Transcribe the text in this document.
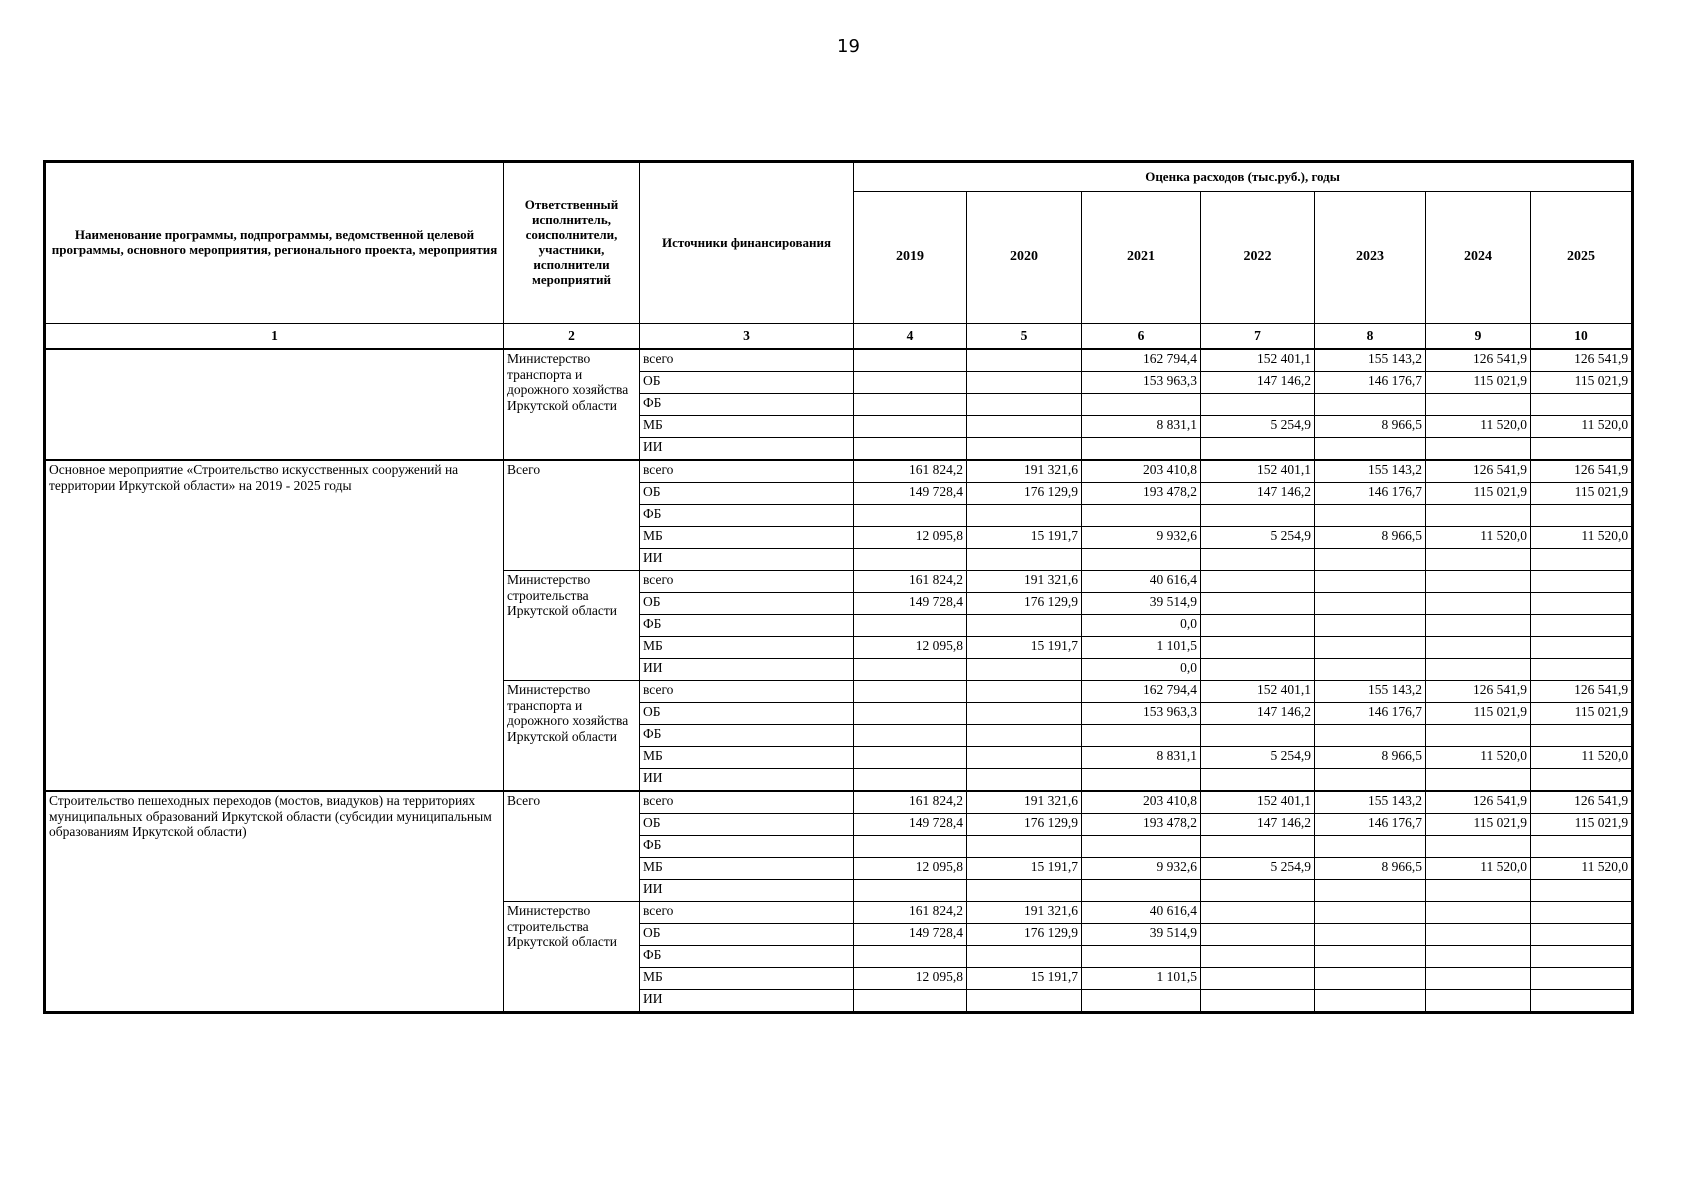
19
Наименование программы, подпрограммы, ведомственной целевой программы, основного мероприятия, регионального проекта, мероприятия	Ответственный исполнитель, соисполнители, участники, исполнители мероприятий	Источники финансирования	Оценка расходов (тыс.руб.), годы						
			2019	2020	2021	2022	2023	2024	2025
1	2	3	4	5	6	7	8	9	10
	Министерство транспорта и дорожного хозяйства Иркутской области	всего			162 794,4	152 401,1	155 143,2	126 541,9	126 541,9
		ОБ			153 963,3	147 146,2	146 176,7	115 021,9	115 021,9
		ФБ							
		МБ			8 831,1	5 254,9	8 966,5	11 520,0	11 520,0
		ИИ							
Основное мероприятие «Строительство искусственных сооружений на территории Иркутской области» на 2019 - 2025 годы	Всего	всего	161 824,2	191 321,6	203 410,8	152 401,1	155 143,2	126 541,9	126 541,9
		ОБ	149 728,4	176 129,9	193 478,2	147 146,2	146 176,7	115 021,9	115 021,9
		ФБ							
		МБ	12 095,8	15 191,7	9 932,6	5 254,9	8 966,5	11 520,0	11 520,0
		ИИ							
	Министерство строительства Иркутской области	всего	161 824,2	191 321,6	40 616,4				
		ОБ	149 728,4	176 129,9	39 514,9				
		ФБ			0,0				
		МБ	12 095,8	15 191,7	1 101,5				
		ИИ			0,0				
	Министерство транспорта и дорожного хозяйства Иркутской области	всего			162 794,4	152 401,1	155 143,2	126 541,9	126 541,9
		ОБ			153 963,3	147 146,2	146 176,7	115 021,9	115 021,9
		ФБ							
		МБ			8 831,1	5 254,9	8 966,5	11 520,0	11 520,0
		ИИ							
Строительство пешеходных переходов (мостов, виадуков) на территориях муниципальных образований Иркутской области (субсидии муниципальным образованиям Иркутской области)	Всего	всего	161 824,2	191 321,6	203 410,8	152 401,1	155 143,2	126 541,9	126 541,9
		ОБ	149 728,4	176 129,9	193 478,2	147 146,2	146 176,7	115 021,9	115 021,9
		ФБ							
		МБ	12 095,8	15 191,7	9 932,6	5 254,9	8 966,5	11 520,0	11 520,0
		ИИ							
	Министерство строительства Иркутской области	всего	161 824,2	191 321,6	40 616,4				
		ОБ	149 728,4	176 129,9	39 514,9				
		ФБ							
		МБ	12 095,8	15 191,7	1 101,5				
		ИИ							
